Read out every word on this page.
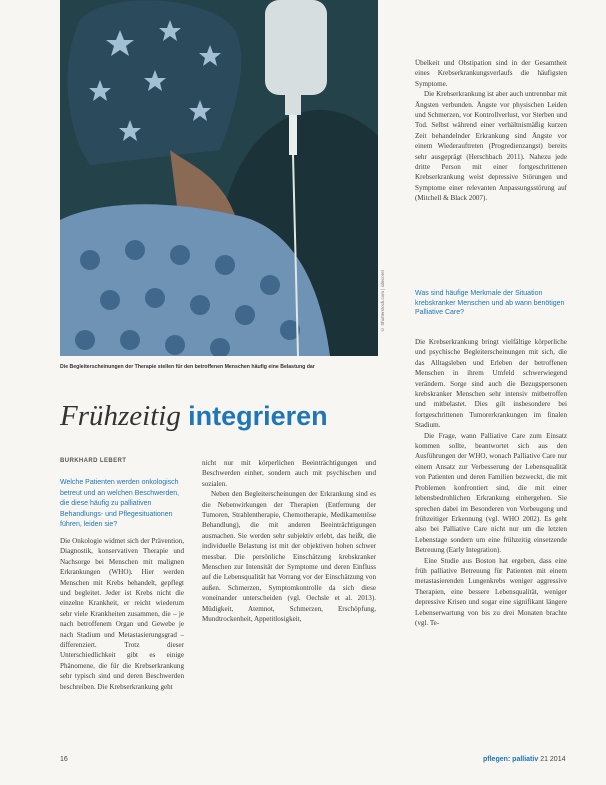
© Shutterstock.com | sdecoret
Die Begleiterscheinungen der Therapie stellen für den betroffenen Menschen häufig eine Belastung dar
Frühzeitig integrieren
BURKHARD LEBERT
Welche Patienten werden onkologisch betreut und an welchen Beschwerden, die diese häufig zu palliativen Behandlungs- und Pflegesituationen führen, leiden sie?

Die Onkologie widmet sich der Prävention, Diagnostik, konservativen Therapie und Nachsorge bei Menschen mit malignen Erkrankungen (WHO). Hier werden Menschen mit Krebs behandelt, gepflegt und begleitet. Jeder ist Krebs nicht die einzelne Krankheit, er reicht wiederum sehr viele Krankheiten zusammen, die – je nach betroffenem Organ und Gewebe je nach Stadium und Metastasierungsgrad – differenziert. Trotz dieser Unterschiedlichkeit gibt es einige Phänomene, die für die Krebserkrankung sehr typisch sind und deren Beschwerden beschreiben. Die Krebserkrankung geht

nicht nur mit körperlichen Beeinträchtigungen und Beschwerden einher, sondern auch mit psychischen und sozialen.

Neben den Begleiterscheinungen der Erkrankung sind es die Nebenwirkungen der Therapien (Entfernung der Tumoren, Strahlentherapie, Chemotherapie, Medikamentöse Behandlung), die mit anderen Beeinträchtigungen ausmachen. Sie werden sehr subjektiv erlebt, das heißt, die individuelle Belastung ist mit der objektiven hohen schwer messbar. Die persönliche Einschätzung krebskranker Menschen zur Intensität der Symptome und deren Einfluss auf die Lebensqualität hat Vorrang vor der Einschätzung von außen. Schmerzen, Symptomkontrolle da sich diese voneinander unterscheiden (vgl. Oechsle et al. 2013). Müdigkeit, Atemnot, Schmerzen, Erschöpfung, Mundtrockenheit, Appetitlosigkeit,

Übelkeit und Obstipation sind in der Gesamtheit eines Krebserkrankungsverlaufs die häufigsten Symptome.

Die Krebserkrankung ist aber auch untrennbar mit Ängsten verbunden. Ängste vor physischen Leiden und Schmerzen, vor Kontrollverlust, vor Sterben und Tod. Selbst während einer verhältnismäßig kurzen Zeit behandelnder Erkrankung sind Ängste vor einem Wiederauftreten (Progredienzangst) bereits sehr ausgeprägt (Herschbach 2011). Nahezu jede dritte Person mit einer fortgeschrittenen Krebserkrankung weist depressive Störungen und Symptome einer relevanten Anpassungsstörung auf (Mitchell & Black 2007).

Was sind häufige Merkmale der Situation krebskranker Menschen und ab wann benötigen Palliative Care?

Die Krebserkrankung bringt vielfältige körperliche und psychische Begleiterscheinungen mit sich, die das Alltagsleben und Erleben der betroffenen Menschen in ihrem Umfeld schwerwiegend verändern. Sorge sind auch die Bezugspersonen krebskranker Menschen sehr intensiv mitbetroffen und mitbelastet. Dies gilt insbesondere bei fortgeschrittenen Tumorerkrankungen im finalen Stadium.

Die Frage, wann Palliative Care zum Einsatz kommen sollte, beantwortet sich aus den Ausführungen der WHO, wonach Palliative Care nur einem Ansatz zur Verbesserung der Lebensqualität von Patienten und deren Familien bezweckt, die mit Problemen konfrontiert sind, die mit einer lebensbedrohlichen Erkrankung einhergehen. Sie sprechen dabei im Besonderen von Vorbeugung und frühzeitiger Erkennung (vgl. WHO 2002). Es geht also bei Palliative Care nicht nur um die letzten Lebenstage sondern um eine frühzeitig einsetzende Betreuung (Early Integration).

Eine Studie aus Boston hat ergeben, dass eine früh palliative Betreuung für Patienten mit einem metastasierenden Lungenkrebs weniger aggressive Therapien, eine bessere Lebensqualität, weniger depressive Krisen und sogar eine signifikant längere Lebenserwartung von bis zu drei Monaten brachte (vgl. Te-

16	pflegen: palliativ 21 2014
